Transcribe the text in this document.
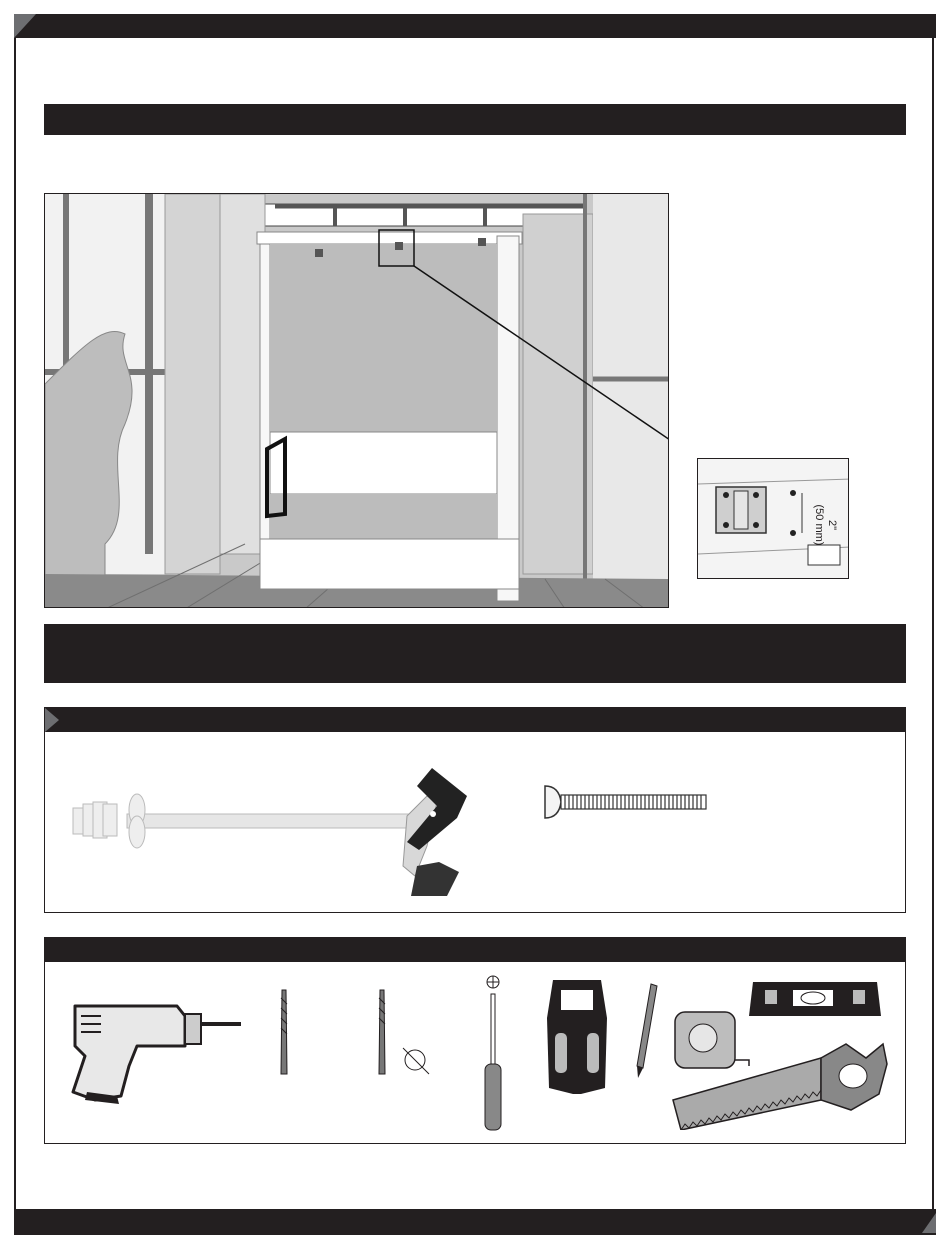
2"
(50 mm)
